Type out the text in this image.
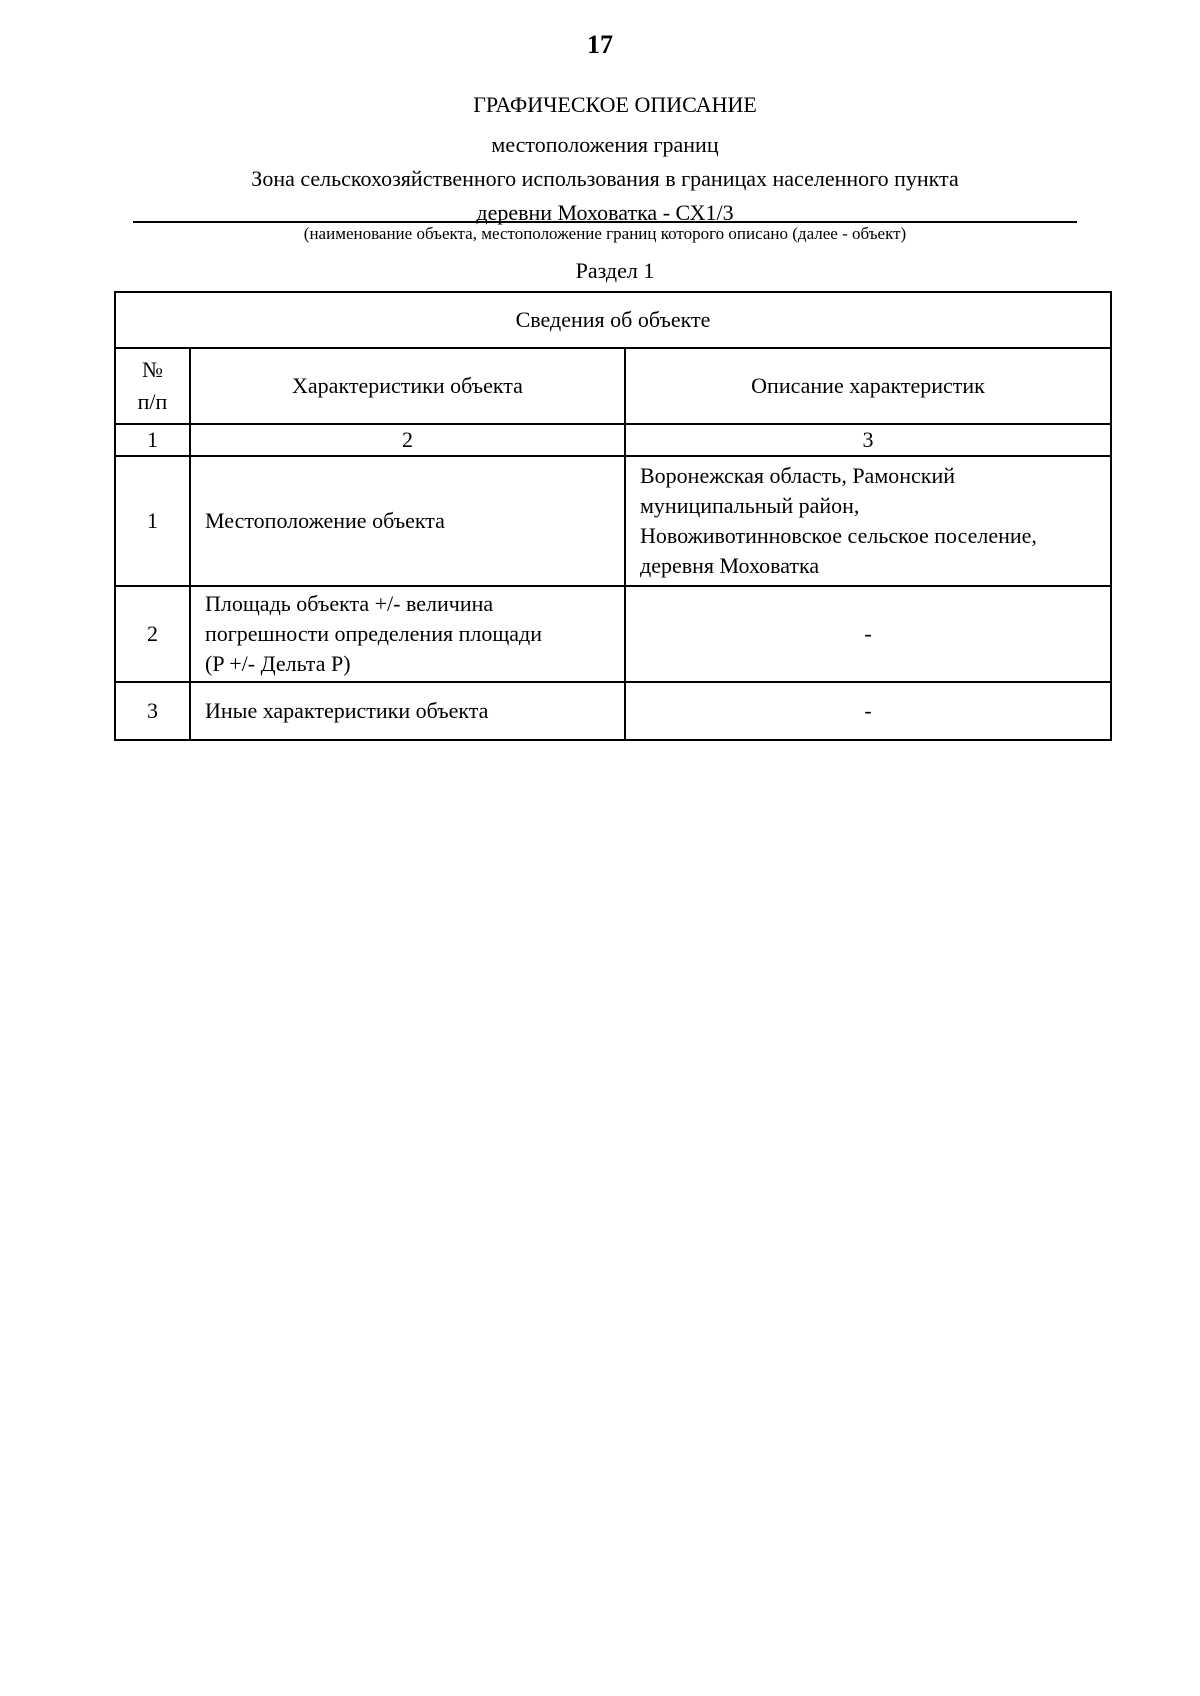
17
ГРАФИЧЕСКОЕ ОПИСАНИЕ
местоположения границ
Зона сельскохозяйственного использования в границах населенного пункта
деревни Моховатка - СХ1/3
(наименование объекта, местоположение границ которого описано (далее - объект)
Раздел 1
Сведения об объекте		

№
п/п	Характеристики объекта	Описание характеристик
1	2	3
1	Местоположение объекта	Воронежская область, Рамонский
муниципальный район,
Новоживотинновское сельское поселение,
деревня Моховатка

2	Площадь объекта +/- величина
погрешности определения площади
(P +/- Дельта P)	-

3	Иные характеристики объекта	-
